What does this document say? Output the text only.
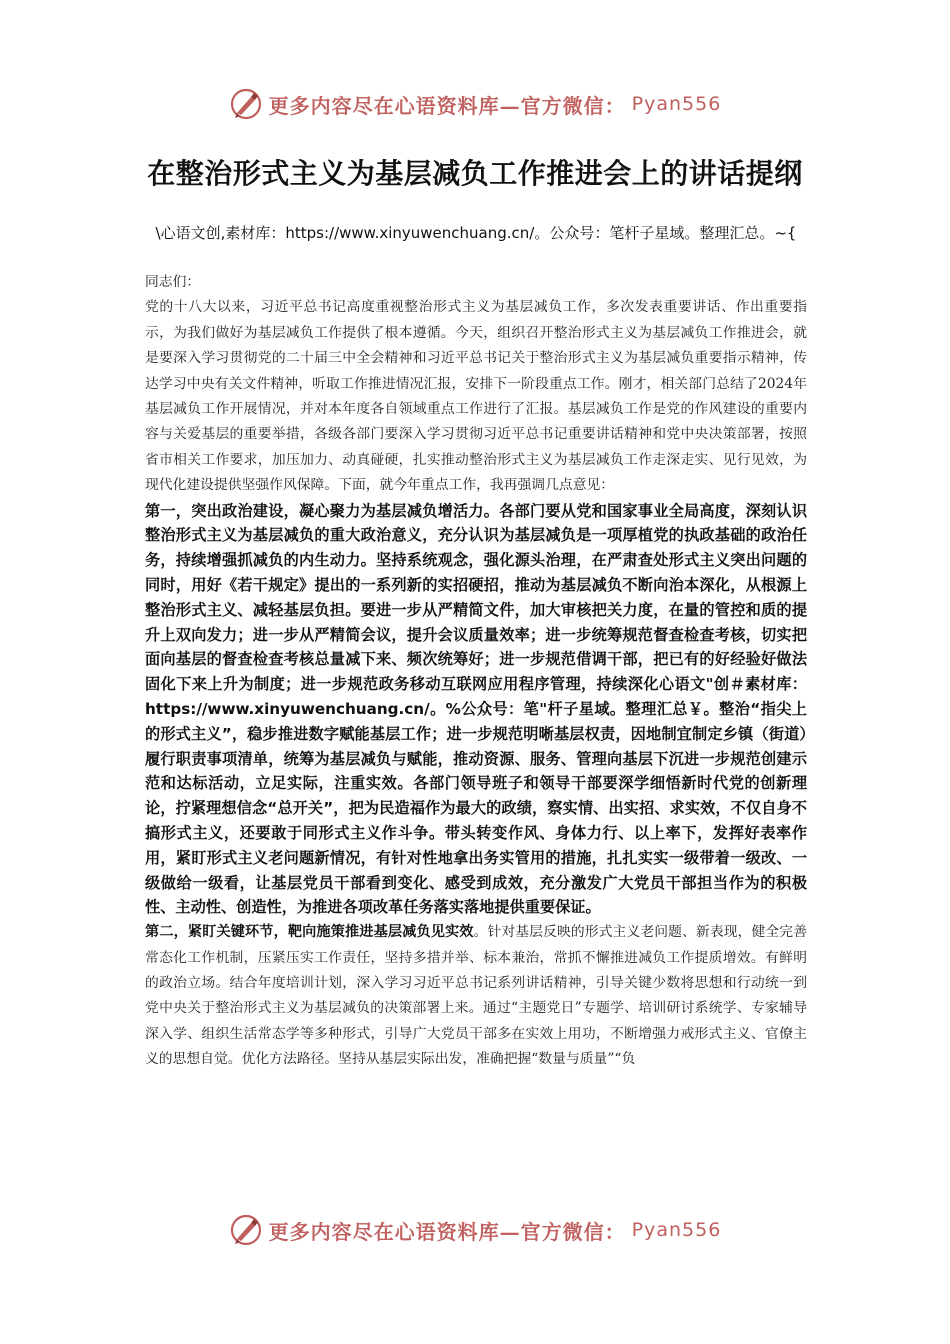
更多内容尽在心语资料库—官方微信： Pyan556
在整治形式主义为基层减负工作推进会上的讲话提纲
\心语文创,素材库：https://www.xinyuwenchuang.cn/。公众号：笔杆子星域。整理汇总。~{

同志们：

党的十八大以来，习近平总书记高度重视整治形式主义为基层减负工作，多次发表重要讲话、作出重要指示，为我们做好为基层减负工作提供了根本遵循。今天，组织召开整治形式主义为基层减负工作推进会，就是要深入学习贯彻党的二十届三中全会精神和习近平总书记关于整治形式主义为基层减负重要指示精神，传达学习中央有关文件精神，听取工作推进情况汇报，安排下一阶段重点工作。刚才，相关部门总结了2024年基层减负工作开展情况，并对本年度各自领域重点工作进行了汇报。基层减负工作是党的作风建设的重要内容与关爱基层的重要举措，各级各部门要深入学习贯彻习近平总书记重要讲话精神和党中央决策部署，按照省市相关工作要求，加压加力、动真碰硬，扎实推动整治形式主义为基层减负工作走深走实、见行见效，为现代化建设提供坚强作风保障。下面，就今年重点工作，我再强调几点意见：

第一，突出政治建设，凝心聚力为基层减负增活力。各部门要从党和国家事业全局高度，深刻认识整治形式主义为基层减负的重大政治意义，充分认识为基层减负是一项厚植党的执政基础的政治任务，持续增强抓减负的内生动力。坚持系统观念，强化源头治理，在严肃查处形式主义突出问题的同时，用好《若干规定》提出的一系列新的实招硬招，推动为基层减负不断向治本深化，从根源上整治形式主义、减轻基层负担。要进一步从严精简文件，加大审核把关力度，在量的管控和质的提升上双向发力；进一步从严精简会议，提升会议质量效率；进一步统筹规范督查检查考核，切实把面向基层的督查检查考核总量减下来、频次统筹好；进一步规范借调干部，把已有的好经验好做法固化下来上升为制度；进一步规范政务移动互联网应用程序管理，持续深化心语文"创＃素材库：https://www.xinyuwenchuang.cn/。%公众号：笔"杆子星域。整理汇总￥。整治“指尖上的形式主义”，稳步推进数字赋能基层工作；进一步规范明晰基层权责，因地制宜制定乡镇（街道）履行职责事项清单，统筹为基层减负与赋能，推动资源、服务、管理向基层下沉进一步规范创建示范和达标活动，立足实际，注重实效。各部门领导班子和领导干部要深学细悟新时代党的创新理论，拧紧理想信念“总开关”，把为民造福作为最大的政绩，察实情、出实招、求实效，不仅自身不搞形式主义，还要敢于同形式主义作斗争。带头转变作风、身体力行、以上率下，发挥好表率作用，紧盯形式主义老问题新情况，有针对性地拿出务实管用的措施，扎扎实实一级带着一级改、一级做给一级看，让基层党员干部看到变化、感受到成效，充分激发广大党员干部担当作为的积极性、主动性、创造性，为推进各项改革任务落实落地提供重要保证。

第二，紧盯关键环节，靶向施策推进基层减负见实效。针对基层反映的形式主义老问题、新表现，健全完善常态化工作机制，压紧压实工作责任，坚持多措并举、标本兼治，常抓不懈推进减负工作提质增效。有鲜明的政治立场。结合年度培训计划，深入学习习近平总书记系列讲话精神，引导关键少数将思想和行动统一到党中央关于整治形式主义为基层减负的决策部署上来。通过“主题党日”专题学、培训研讨系统学、专家辅导深入学、组织生活常态学等多种形式，引导广大党员干部多在实效上用功，不断增强力戒形式主义、官僚主义的思想自觉。优化方法路径。坚持从基层实际出发，准确把握“数量与质量”“负

更多内容尽在心语资料库—官方微信： Pyan556
